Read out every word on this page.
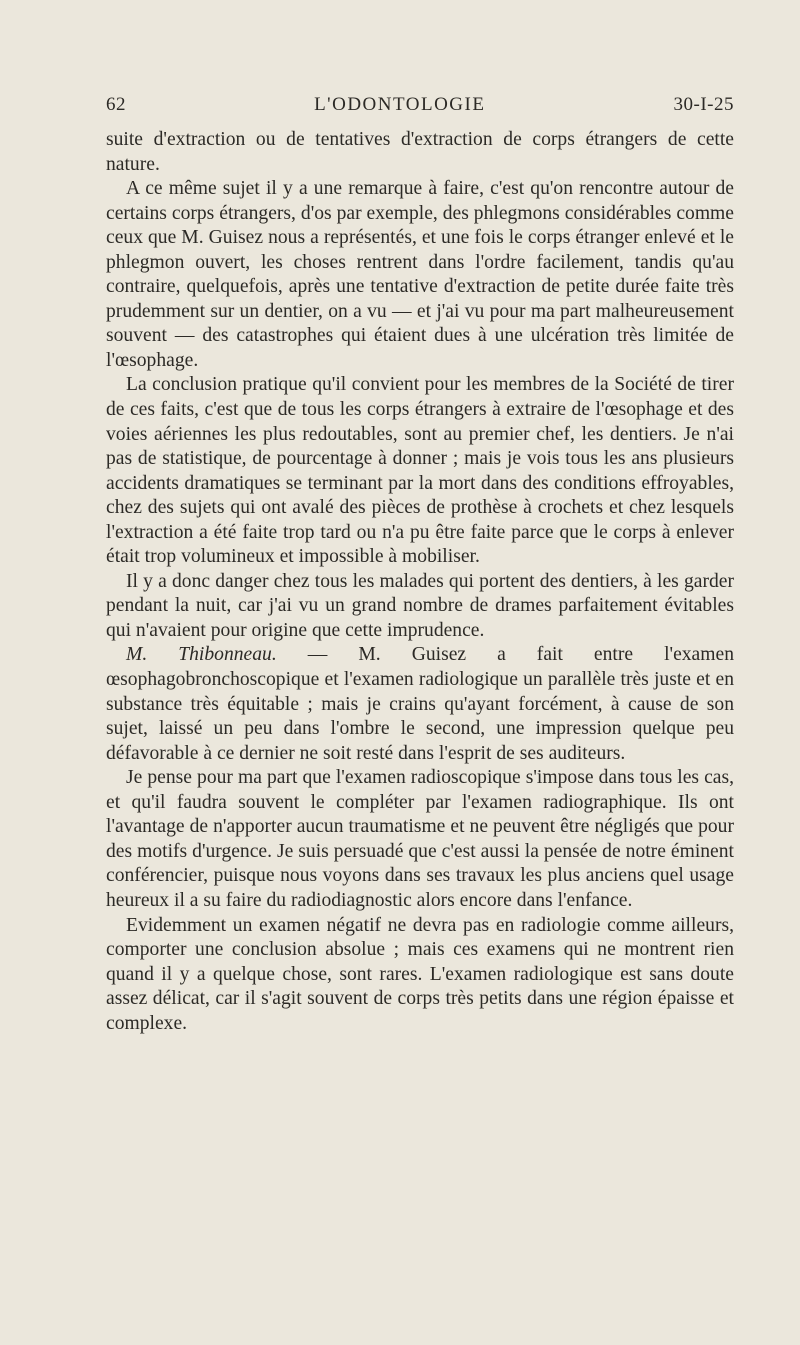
62	L'ODONTOLOGIE	30-I-25

suite d'extraction ou de tentatives d'extraction de corps étrangers de cette nature.

A ce même sujet il y a une remarque à faire, c'est qu'on rencontre autour de certains corps étrangers, d'os par exemple, des phlegmons considérables comme ceux que M. Guisez nous a représentés, et une fois le corps étranger enlevé et le phlegmon ouvert, les choses rentrent dans l'ordre facilement, tandis qu'au contraire, quelquefois, après une tentative d'extraction de petite durée faite très prudemment sur un dentier, on a vu — et j'ai vu pour ma part malheureusement souvent — des catastrophes qui étaient dues à une ulcération très limitée de l'œsophage.

La conclusion pratique qu'il convient pour les membres de la Société de tirer de ces faits, c'est que de tous les corps étrangers à extraire de l'œsophage et des voies aériennes les plus redoutables, sont au premier chef, les dentiers. Je n'ai pas de statistique, de pourcentage à donner ; mais je vois tous les ans plusieurs accidents dramatiques se terminant par la mort dans des conditions effroyables, chez des sujets qui ont avalé des pièces de prothèse à crochets et chez lesquels l'extraction a été faite trop tard ou n'a pu être faite parce que le corps à enlever était trop volumineux et impossible à mobiliser.

Il y a donc danger chez tous les malades qui portent des dentiers, à les garder pendant la nuit, car j'ai vu un grand nombre de drames parfaitement évitables qui n'avaient pour origine que cette imprudence.

M. Thibonneau. — M. Guisez a fait entre l'examen œsophagobronchoscopique et l'examen radiologique un parallèle très juste et en substance très équitable ; mais je crains qu'ayant forcément, à cause de son sujet, laissé un peu dans l'ombre le second, une impression quelque peu défavorable à ce dernier ne soit resté dans l'esprit de ses auditeurs.

Je pense pour ma part que l'examen radioscopique s'impose dans tous les cas, et qu'il faudra souvent le compléter par l'examen radiographique. Ils ont l'avantage de n'apporter aucun traumatisme et ne peuvent être négligés que pour des motifs d'urgence. Je suis persuadé que c'est aussi la pensée de notre éminent conférencier, puisque nous voyons dans ses travaux les plus anciens quel usage heureux il a su faire du radiodiagnostic alors encore dans l'enfance.

Evidemment un examen négatif ne devra pas en radiologie comme ailleurs, comporter une conclusion absolue ; mais ces examens qui ne montrent rien quand il y a quelque chose, sont rares. L'examen radiologique est sans doute assez délicat, car il s'agit souvent de corps très petits dans une région épaisse et complexe.
